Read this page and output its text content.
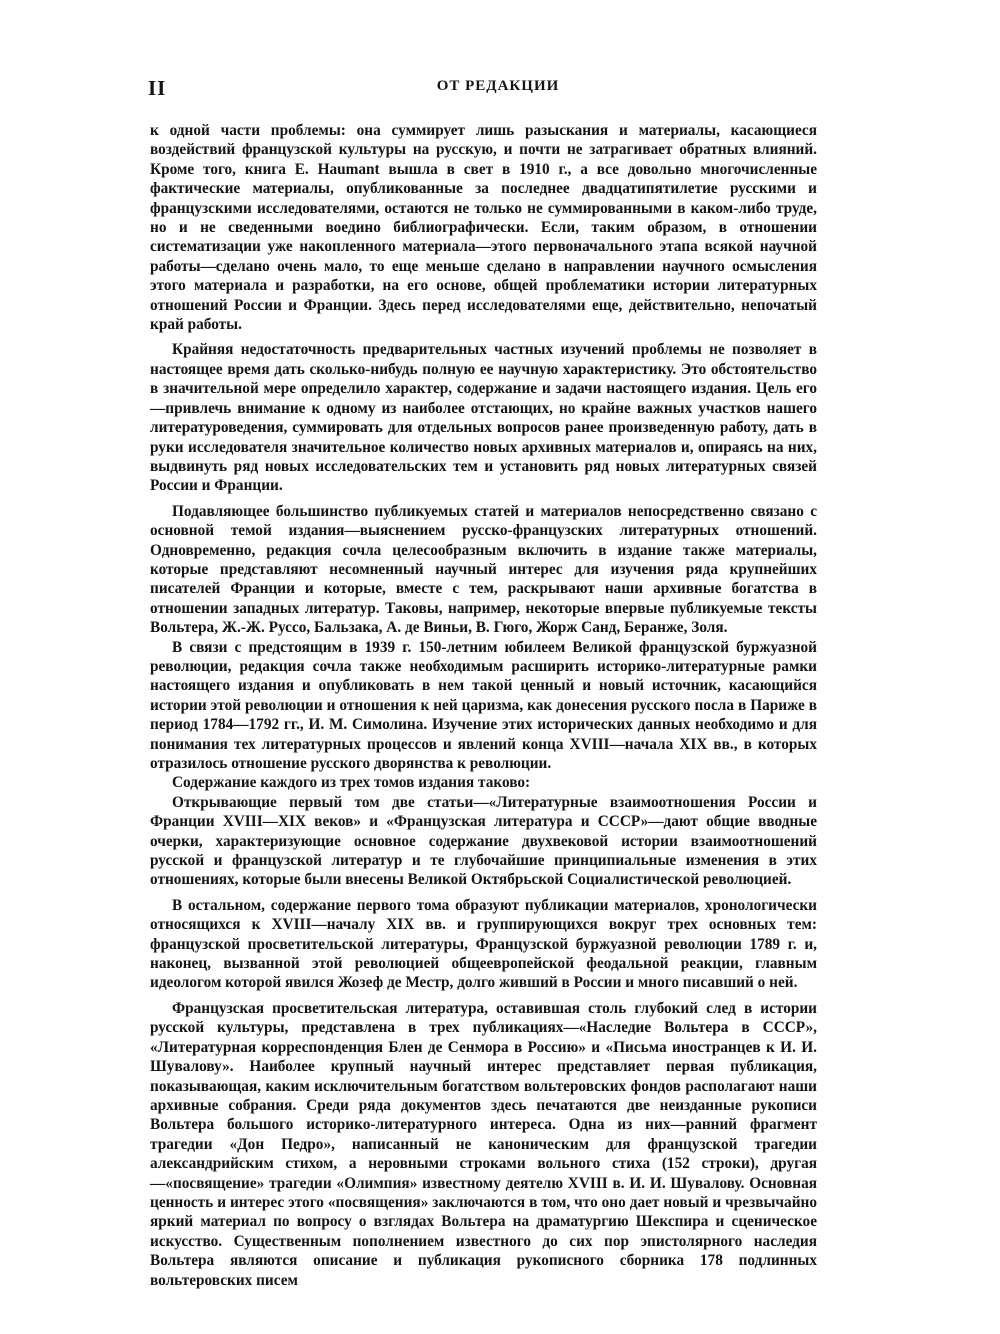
II	ОТ РЕДАКЦИИ

к одной части проблемы: она суммирует лишь разыскания и материалы, касающиеся воздействий французской культуры на русскую, и почти не затрагивает обратных влияний. Кроме того, книга Е. Haumant вышла в свет в 1910 г., а все довольно многочисленные фактические материалы, опубликованные за последнее двадцатипятилетие русскими и французскими исследователями, остаются не только не суммированными в каком-либо труде, но и не сведенными воедино библиографически. Если, таким образом, в отношении систематизации уже накопленного материала—этого первоначального этапа всякой научной работы—сделано очень мало, то еще меньше сделано в направлении научного осмысления этого материала и разработки, на его основе, общей проблематики истории литературных отношений России и Франции. Здесь перед исследователями еще, действительно, непочатый край работы.

Крайняя недостаточность предварительных частных изучений проблемы не позволяет в настоящее время дать сколько-нибудь полную ее научную характеристику. Это обстоятельство в значительной мере определило характер, содержание и задачи настоящего издания. Цель его—привлечь внимание к одному из наиболее отстающих, но крайне важных участков нашего литературоведения, суммировать для отдельных вопросов ранее произведенную работу, дать в руки исследователя значительное количество новых архивных материалов и, опираясь на них, выдвинуть ряд новых исследовательских тем и установить ряд новых литературных связей России и Франции.

Подавляющее большинство публикуемых статей и материалов непосредственно связано с основной темой издания—выяснением русско-французских литературных отношений. Одновременно, редакция сочла целесообразным включить в издание также материалы, которые представляют несомненный научный интерес для изучения ряда крупнейших писателей Франции и которые, вместе с тем, раскрывают наши архивные богатства в отношении западных литератур. Таковы, например, некоторые впервые публикуемые тексты Вольтера, Ж.-Ж. Руссо, Бальзака, А. де Виньи, В. Гюго, Жорж Санд, Беранже, Золя.

В связи с предстоящим в 1939 г. 150-летним юбилеем Великой французской буржуазной революции, редакция сочла также необходимым расширить историко-литературные рамки настоящего издания и опубликовать в нем такой ценный и новый источник, касающийся истории этой революции и отношения к ней царизма, как донесения русского посла в Париже в период 1784—1792 гг., И. М. Симолина. Изучение этих исторических данных необходимо и для понимания тех литературных процессов и явлений конца XVIII—начала XIX вв., в которых отразилось отношение русского дворянства к революции.

Содержание каждого из трех томов издания таково:

Открывающие первый том две статьи—«Литературные взаимоотношения России и Франции XVIII—XIX веков» и «Французская литература и СССР»—дают общие вводные очерки, характеризующие основное содержание двухвековой истории взаимоотношений русской и французской литератур и те глубочайшие принципиальные изменения в этих отношениях, которые были внесены Великой Октябрьской Социалистической революцией.

В остальном, содержание первого тома образуют публикации материалов, хронологически относящихся к XVIII—началу XIX вв. и группирующихся вокруг трех основных тем: французской просветительской литературы, Французской буржуазной революции 1789 г. и, наконец, вызванной этой революцией общеевропейской феодальной реакции, главным идеологом которой явился Жозеф де Местр, долго живший в России и много писавший о ней.

Французская просветительская литература, оставившая столь глубокий след в истории русской культуры, представлена в трех публикациях—«Наследие Вольтера в СССР», «Литературная корреспонденция Блен де Сенмора в Россию» и «Письма иностранцев к И. И. Шувалову». Наиболее крупный научный интерес представляет первая публикация, показывающая, каким исключительным богатством вольтеровских фондов располагают наши архивные собрания. Среди ряда документов здесь печатаются две неизданные рукописи Вольтера большого историко-литературного интереса. Одна из них—ранний фрагмент трагедии «Дон Педро», написанный не каноническим для французской трагедии александрийским стихом, а неровными строками вольного стиха (152 строки), другая—«посвящение» трагедии «Олимпия» известному деятелю XVIII в. И. И. Шувалову. Основная ценность и интерес этого «посвящения» заключаются в том, что оно дает новый и чрезвычайно яркий материал по вопросу о взглядах Вольтера на драматургию Шекспира и сценическое искусство. Существенным пополнением известного до сих пор эпистолярного наследия Вольтера являются описание и публикация рукописного сборника 178 подлинных вольтеровских писем
